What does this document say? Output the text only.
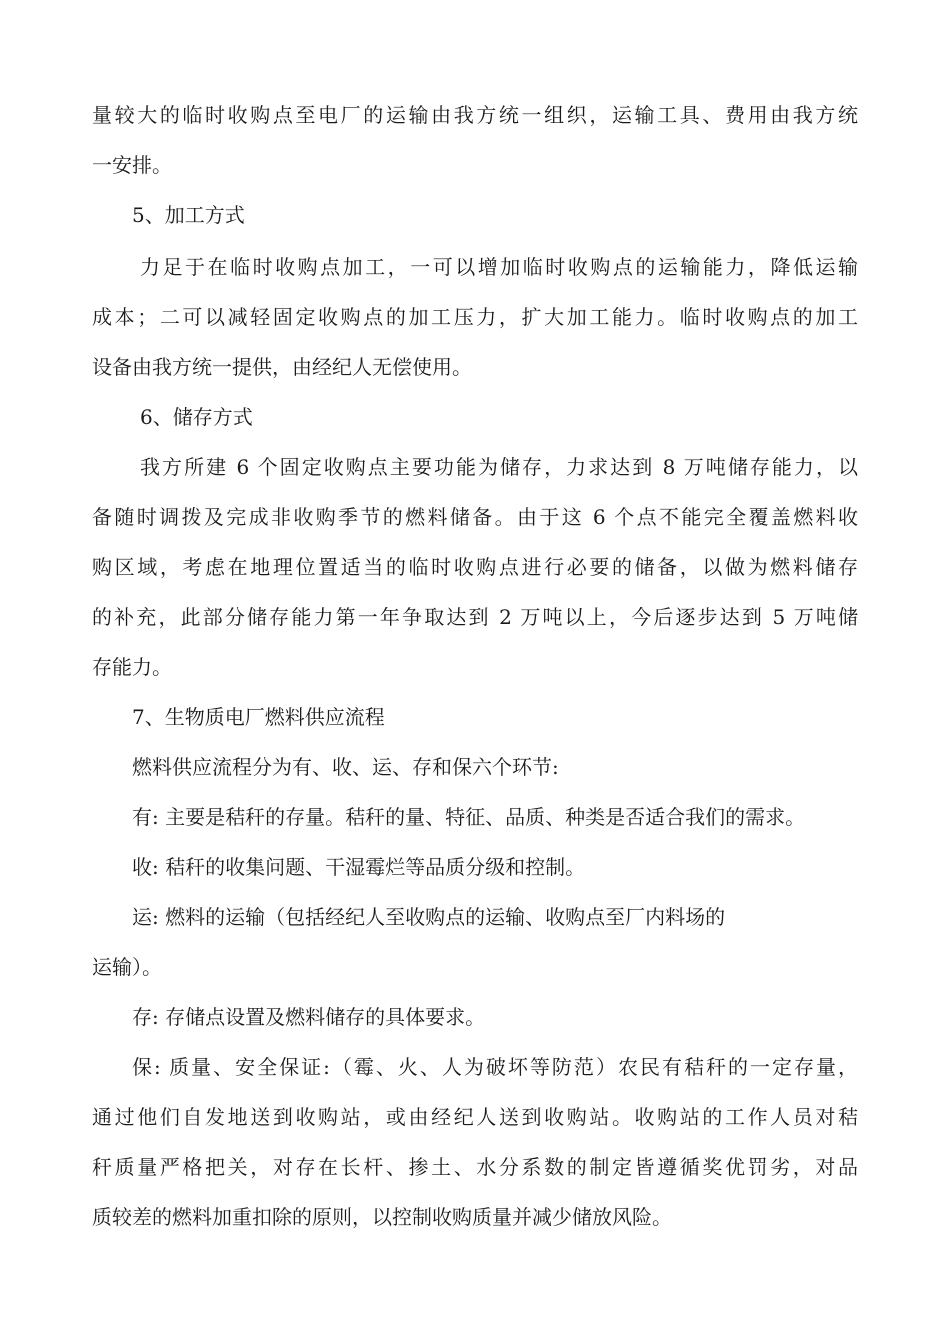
量较大的临时收购点至电厂的运输由我方统一组织，运输工具、费用由我方统
一安排。
5、加工方式
力足于在临时收购点加工，一可以增加临时收购点的运输能力，降低运输
成本；二可以减轻固定收购点的加工压力，扩大加工能力。临时收购点的加工
设备由我方统一提供，由经纪人无偿使用。
6、储存方式
我方所建 6 个固定收购点主要功能为储存，力求达到 8 万吨储存能力，以
备随时调拨及完成非收购季节的燃料储备。由于这 6 个点不能完全覆盖燃料收
购区域，考虑在地理位置适当的临时收购点进行必要的储备，以做为燃料储存
的补充，此部分储存能力第一年争取达到 2 万吨以上，今后逐步达到 5 万吨储
存能力。
7、生物质电厂燃料供应流程
燃料供应流程分为有、收、运、存和保六个环节:
有: 主要是秸秆的存量。秸秆的量、特征、品质、种类是否适合我们的需求。
收: 秸秆的收集问题、干湿霉烂等品质分级和控制。
运: 燃料的运输（包括经纪人至收购点的运输、收购点至厂内料场的
运输）。
存: 存储点设置及燃料储存的具体要求。
保: 质量、安全保证:（霉、火、人为破坏等防范）农民有秸秆的一定存量，
通过他们自发地送到收购站，或由经纪人送到收购站。收购站的工作人员对秸
秆质量严格把关，对存在长杆、掺土、水分系数的制定皆遵循奖优罚劣，对品
质较差的燃料加重扣除的原则，以控制收购质量并减少储放风险。
